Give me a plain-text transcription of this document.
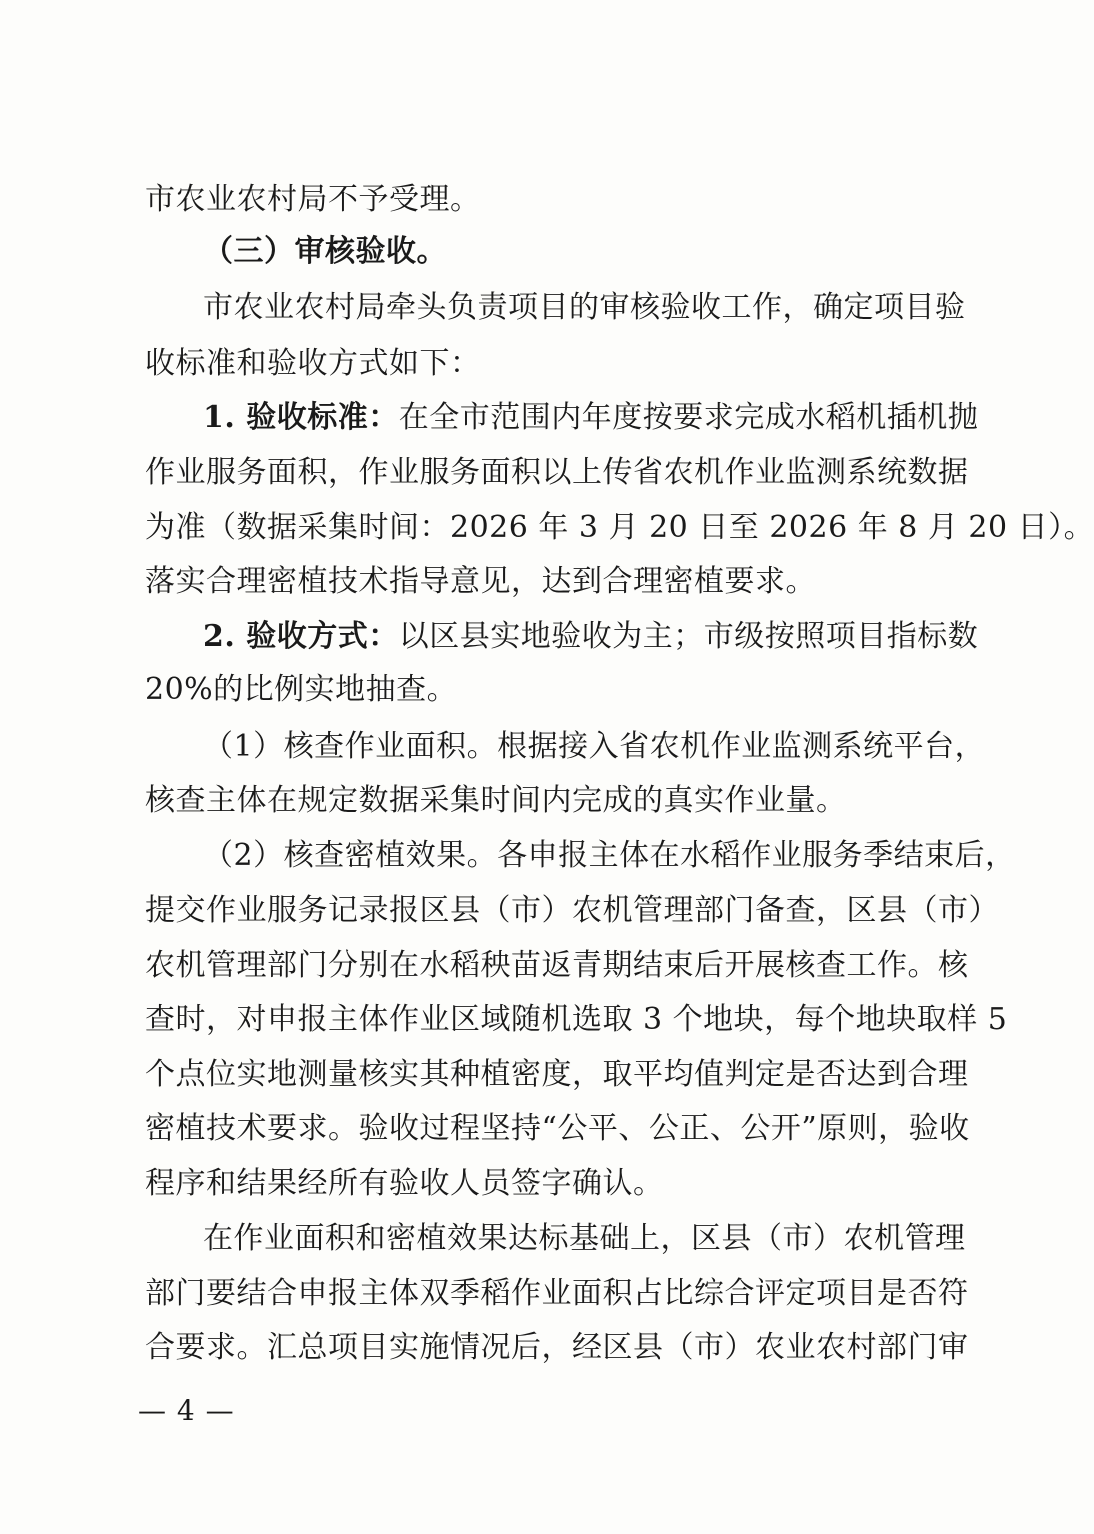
市农业农村局不予受理。
（三）审核验收。
市农业农村局牵头负责项目的审核验收工作，确定项目验
收标准和验收方式如下：
1. 验收标准：在全市范围内年度按要求完成水稻机插机抛
作业服务面积，作业服务面积以上传省农机作业监测系统数据
为准（数据采集时间：2026 年 3 月 20 日至 2026 年 8 月 20 日）。
落实合理密植技术指导意见，达到合理密植要求。
2. 验收方式：以区县实地验收为主；市级按照项目指标数
20%的比例实地抽查。
（1）核查作业面积。根据接入省农机作业监测系统平台，
核查主体在规定数据采集时间内完成的真实作业量。
（2）核查密植效果。各申报主体在水稻作业服务季结束后，
提交作业服务记录报区县（市）农机管理部门备查，区县（市）
农机管理部门分别在水稻秧苗返青期结束后开展核查工作。核
查时，对申报主体作业区域随机选取 3 个地块，每个地块取样 5
个点位实地测量核实其种植密度，取平均值判定是否达到合理
密植技术要求。验收过程坚持“公平、公正、公开”原则，验收
程序和结果经所有验收人员签字确认。
在作业面积和密植效果达标基础上，区县（市）农机管理
部门要结合申报主体双季稻作业面积占比综合评定项目是否符
合要求。汇总项目实施情况后，经区县（市）农业农村部门审
— 4 —
